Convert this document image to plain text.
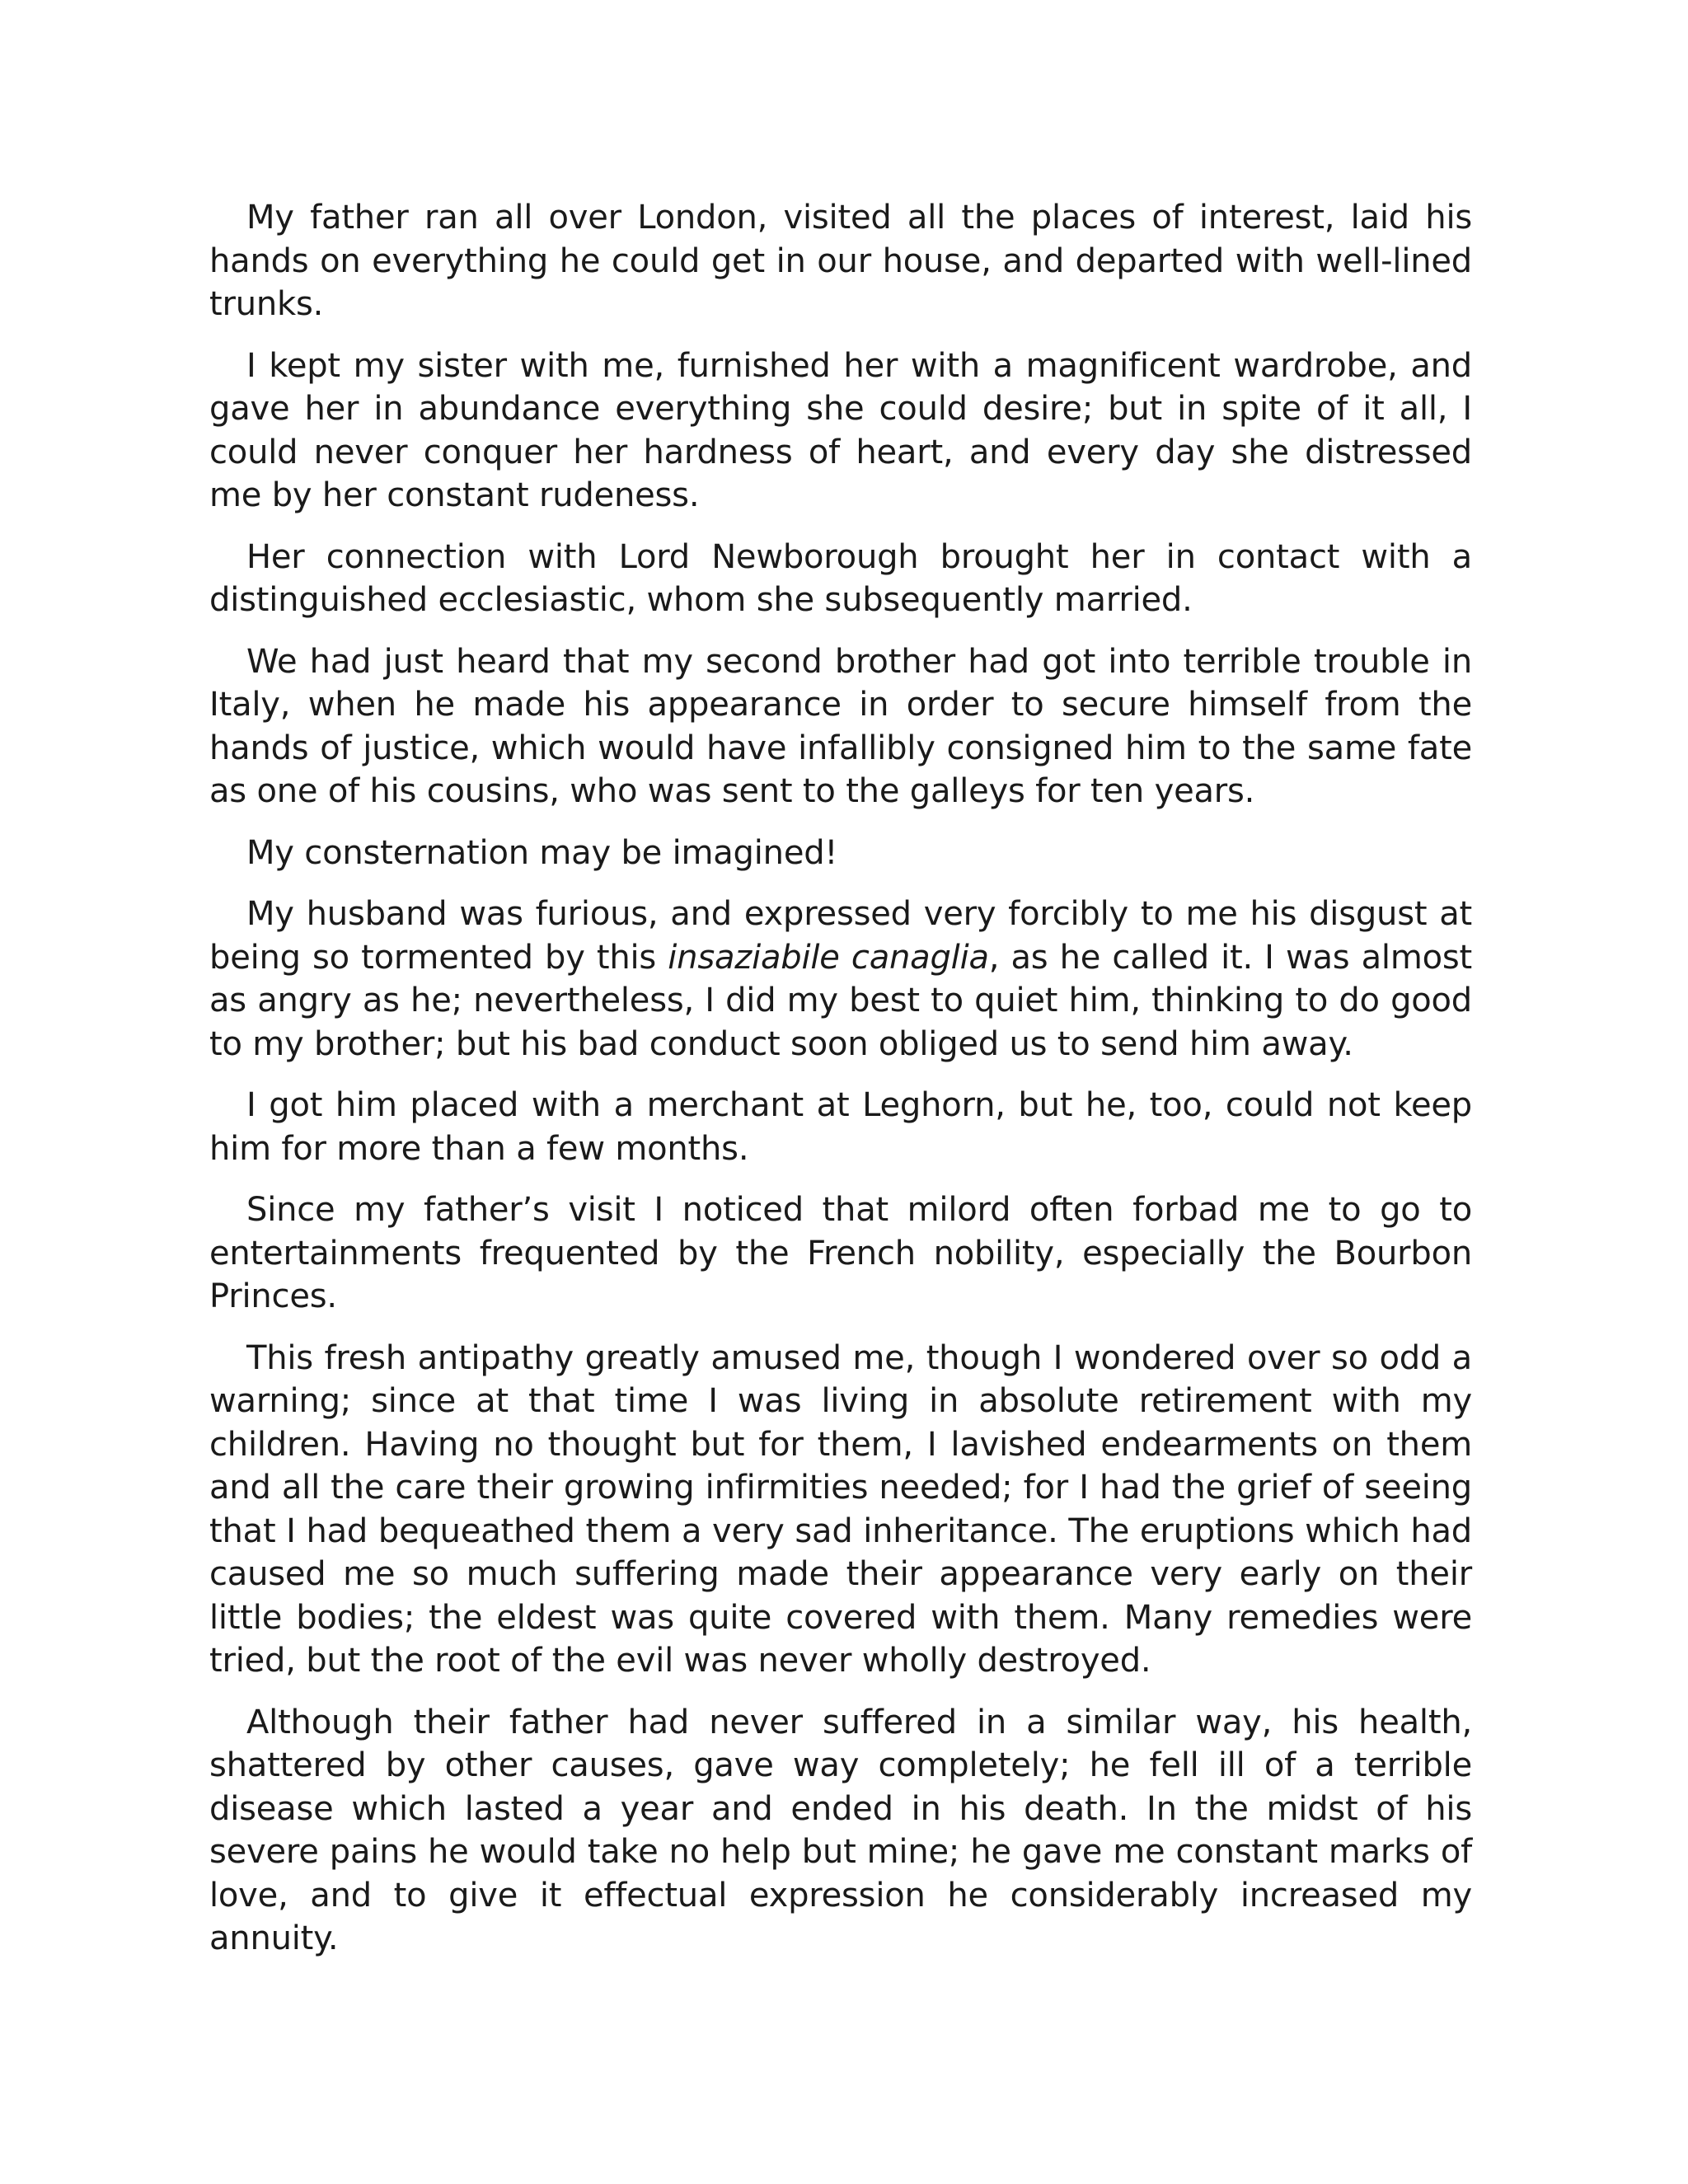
My father ran all over London, visited all the places of interest, laid his hands on everything he could get in our house, and departed with well-lined trunks.

I kept my sister with me, furnished her with a magnificent wardrobe, and gave her in abundance everything she could desire; but in spite of it all, I could never conquer her hardness of heart, and every day she distressed me by her constant rudeness.

Her connection with Lord Newborough brought her in contact with a distinguished ecclesiastic, whom she subsequently married.

We had just heard that my second brother had got into terrible trouble in Italy, when he made his appearance in order to secure himself from the hands of justice, which would have infallibly consigned him to the same fate as one of his cousins, who was sent to the galleys for ten years.

My consternation may be imagined!

My husband was furious, and expressed very forcibly to me his disgust at being so tormented by this insaziabile canaglia, as he called it. I was almost as angry as he; nevertheless, I did my best to quiet him, thinking to do good to my brother; but his bad conduct soon obliged us to send him away.

I got him placed with a merchant at Leghorn, but he, too, could not keep him for more than a few months.

Since my father’s visit I noticed that milord often forbad me to go to entertainments frequented by the French nobility, especially the Bourbon Princes.

This fresh antipathy greatly amused me, though I wondered over so odd a warning; since at that time I was living in absolute retirement with my children. Having no thought but for them, I lavished endearments on them and all the care their growing infirmities needed; for I had the grief of seeing that I had bequeathed them a very sad inheritance. The eruptions which had caused me so much suffering made their appearance very early on their little bodies; the eldest was quite covered with them. Many remedies were tried, but the root of the evil was never wholly destroyed.

Although their father had never suffered in a similar way, his health, shattered by other causes, gave way completely; he fell ill of a terrible disease which lasted a year and ended in his death. In the midst of his severe pains he would take no help but mine; he gave me constant marks of love, and to give it effectual expression he considerably increased my annuity.
